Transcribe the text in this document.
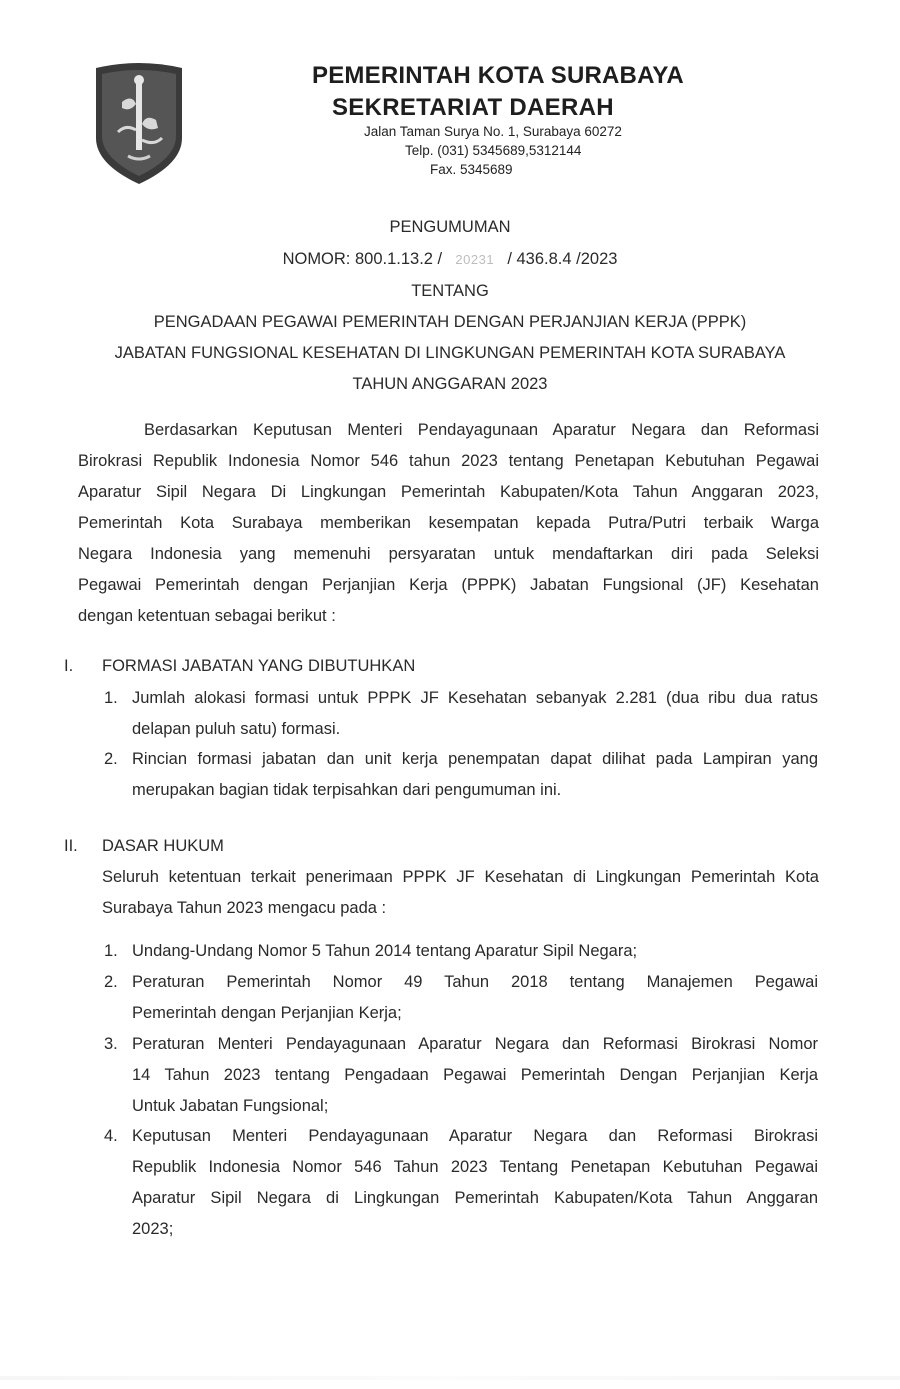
PEMERINTAH KOTA SURABAYA
SEKRETARIAT DAERAH
Jalan Taman Surya No. 1, Surabaya 60272
Telp. (031) 5345689,5312144
Fax. 5345689
PENGUMUMAN
NOMOR: 800.1.13.2 / 20231 / 436.8.4 /2023
TENTANG
PENGADAAN PEGAWAI PEMERINTAH DENGAN PERJANJIAN KERJA (PPPK)
JABATAN FUNGSIONAL KESEHATAN DI LINGKUNGAN PEMERINTAH KOTA SURABAYA
TAHUN ANGGARAN 2023
Berdasarkan Keputusan Menteri Pendayagunaan Aparatur Negara dan Reformasi
Birokrasi Republik Indonesia Nomor 546 tahun 2023 tentang Penetapan Kebutuhan Pegawai
Aparatur Sipil Negara Di Lingkungan Pemerintah Kabupaten/Kota Tahun Anggaran 2023,
Pemerintah Kota Surabaya memberikan kesempatan kepada Putra/Putri terbaik Warga
Negara Indonesia yang memenuhi persyaratan untuk mendaftarkan diri pada Seleksi
Pegawai Pemerintah dengan Perjanjian Kerja (PPPK) Jabatan Fungsional (JF) Kesehatan
dengan ketentuan sebagai berikut :
I. FORMASI JABATAN YANG DIBUTUHKAN
1. Jumlah alokasi formasi untuk PPPK JF Kesehatan sebanyak 2.281 (dua ribu dua ratus
delapan puluh satu) formasi.
2. Rincian formasi jabatan dan unit kerja penempatan dapat dilihat pada Lampiran yang
merupakan bagian tidak terpisahkan dari pengumuman ini.
II. DASAR HUKUM
Seluruh ketentuan terkait penerimaan PPPK JF Kesehatan di Lingkungan Pemerintah Kota
Surabaya Tahun 2023 mengacu pada :
1. Undang-Undang Nomor 5 Tahun 2014 tentang Aparatur Sipil Negara;
2. Peraturan Pemerintah Nomor 49 Tahun 2018 tentang Manajemen Pegawai
Pemerintah dengan Perjanjian Kerja;
3. Peraturan Menteri Pendayagunaan Aparatur Negara dan Reformasi Birokrasi Nomor
14 Tahun 2023 tentang Pengadaan Pegawai Pemerintah Dengan Perjanjian Kerja
Untuk Jabatan Fungsional;
4. Keputusan Menteri Pendayagunaan Aparatur Negara dan Reformasi Birokrasi
Republik Indonesia Nomor 546 Tahun 2023 Tentang Penetapan Kebutuhan Pegawai
Aparatur Sipil Negara di Lingkungan Pemerintah Kabupaten/Kota Tahun Anggaran
2023;
